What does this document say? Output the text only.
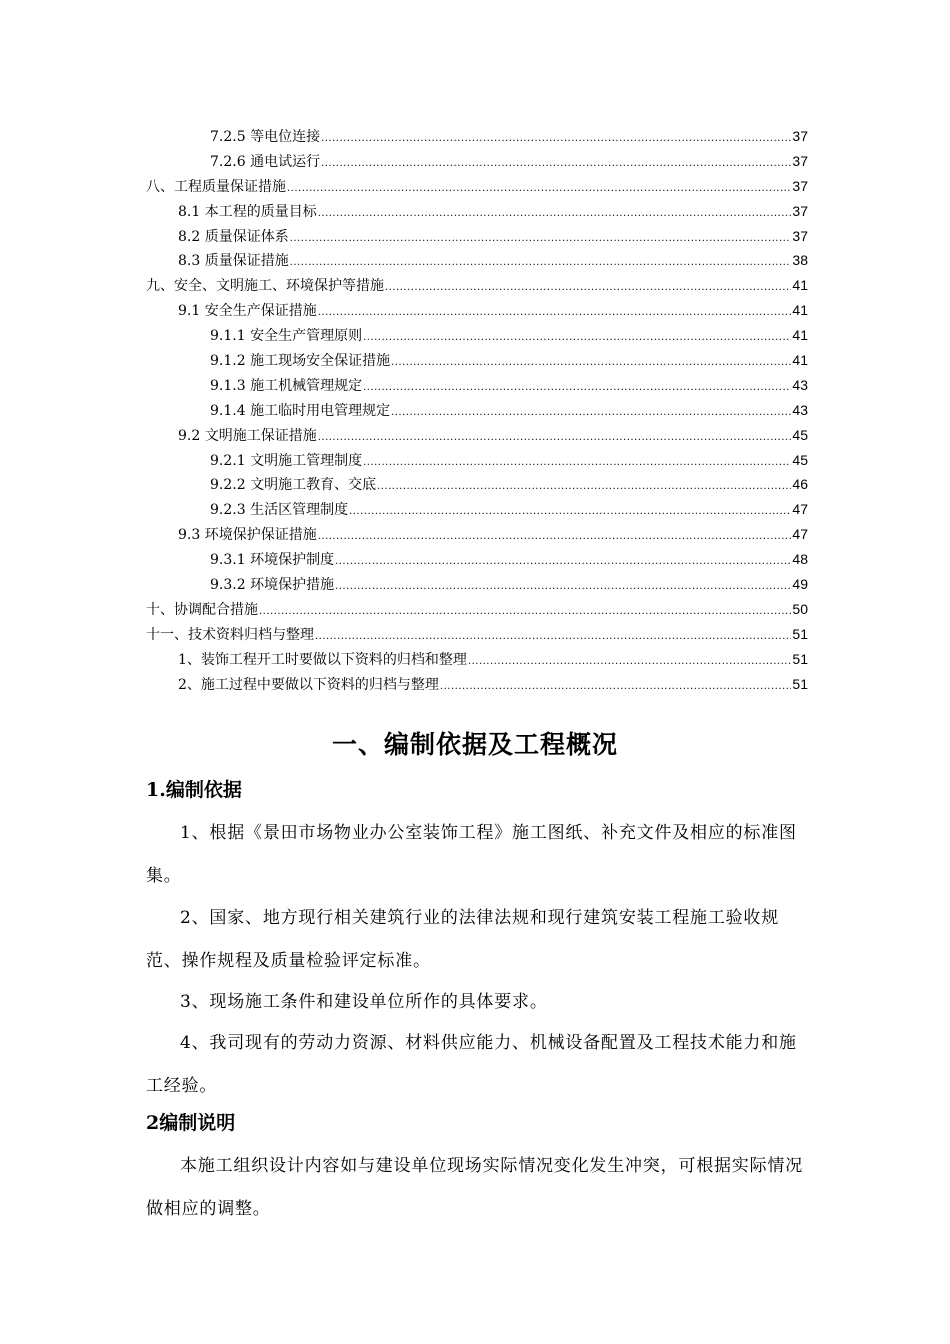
7.2.5 等电位连接 .....	37
7.2.6 通电试运行 .....	37
八、工程质量保证措施 .....	37
8.1 本工程的质量目标 .....	37
8.2 质量保证体系 .....	37
8.3 质量保证措施 .....	38
九、安全、文明施工、环境保护等措施 .....	41
9.1 安全生产保证措施 .....	41
9.1.1 安全生产管理原则 .....	41
9.1.2 施工现场安全保证措施 .....	41
9.1.3 施工机械管理规定 .....	43
9.1.4 施工临时用电管理规定 .....	43
9.2 文明施工保证措施 .....	45
9.2.1 文明施工管理制度 .....	45
9.2.2 文明施工教育、交底 .....	46
9.2.3 生活区管理制度 .....	47
9.3 环境保护保证措施 .....	47
9.3.1 环境保护制度 .....	48
9.3.2 环境保护措施 .....	49
十、协调配合措施 .....	50
十一、技术资料归档与整理 .....	51
1、装饰工程开工时要做以下资料的归档和整理 .....	51
2、施工过程中要做以下资料的归档与整理 .....	51
一、编制依据及工程概况
1.编制依据
1、根据《景田市场物业办公室装饰工程》施工图纸、补充文件及相应的标准图集。
2、国家、地方现行相关建筑行业的法律法规和现行建筑安装工程施工验收规范、操作规程及质量检验评定标准。
3、现场施工条件和建设单位所作的具体要求。
4、我司现有的劳动力资源、材料供应能力、机械设备配置及工程技术能力和施工经验。
2编制说明
本施工组织设计内容如与建设单位现场实际情况变化发生冲突，可根据实际情况做相应的调整。
